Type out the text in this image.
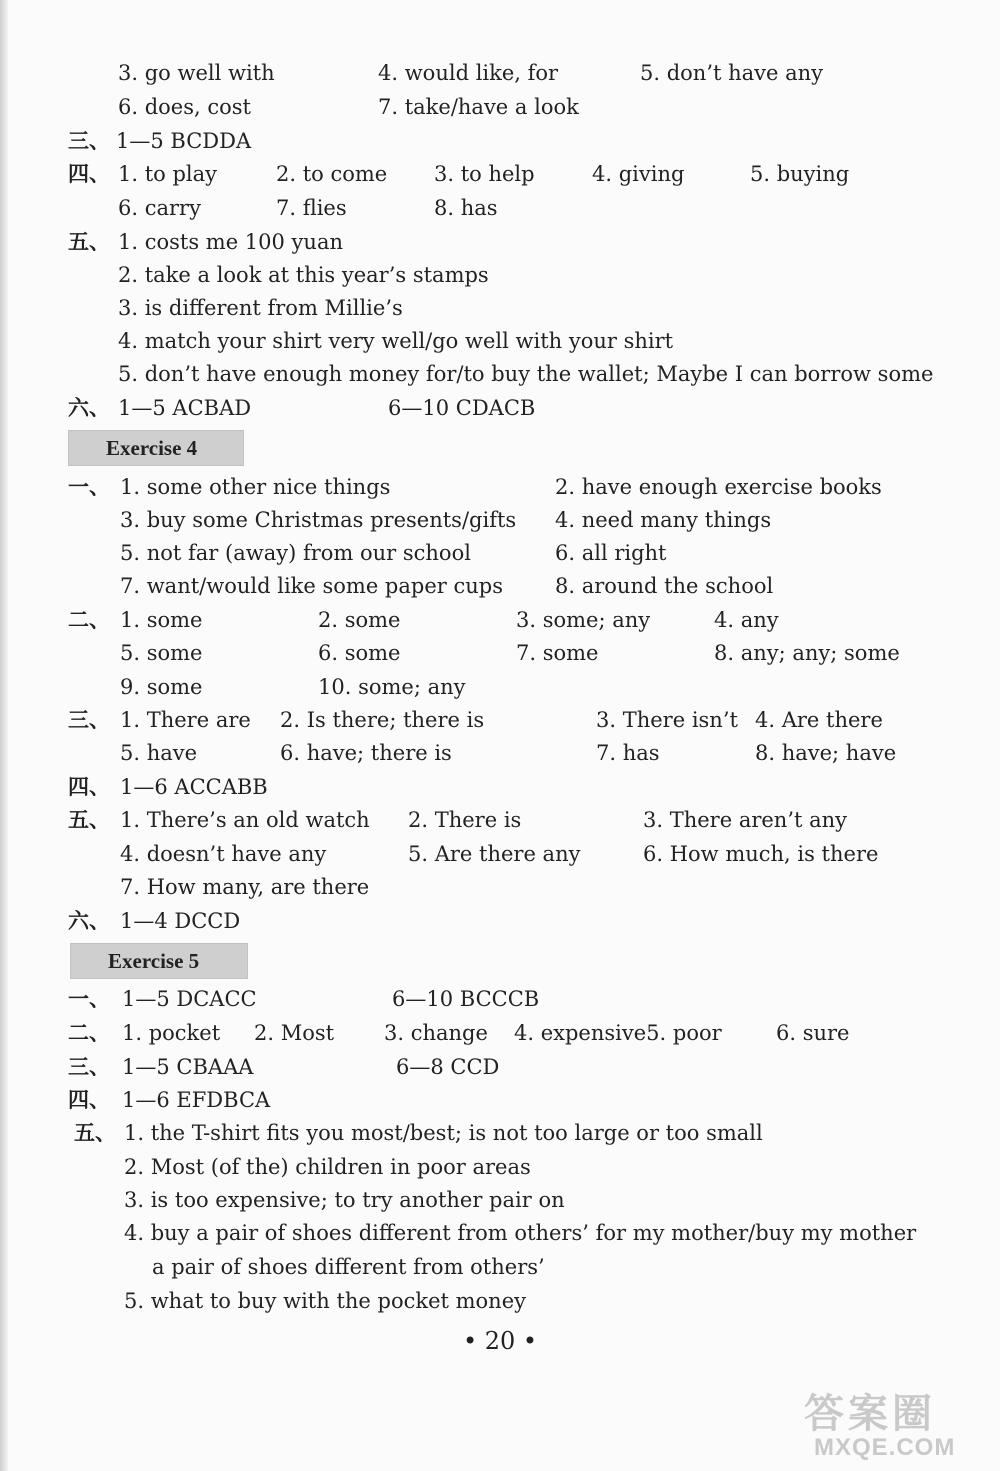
3. go well with	4. would like, for	5. don’t have any
6. does, cost	7. take/have a look
三、 1—5 BCDDA
四、 1. to play	2. to come 3. to help	4. giving	5. buying
6. carry	7. flies	8. has
五、 1. costs me 100 yuan
2. take a look at this year’s stamps
3. is different from Millie’s
4. match your shirt very well/go well with your shirt
5. don’t have enough money for/to buy the wallet; Maybe I can borrow some
六、 1—5 ACBAD	6—10 CDACB
Exercise 4
一、 1. some other nice things	2. have enough exercise books
3. buy some Christmas presents/gifts 4. need many things
5. not far (away) from our school	6. all right
7. want/would like some paper cups 8. around the school
二、 1. some	2. some	3. some; any	4. any
5. some	6. some	7. some	8. any; any; some
9. some	10. some; any
三、 1. There are 2. Is there; there is	3. There isn’t 4. Are there
5. have	6. have; there is	7. has	8. have; have
四、 1—6 ACCABB
五、 1. There’s an old watch 2. There is	3. There aren’t any
4. doesn’t have any	5. Are there any	6. How much, is there
7. How many, are there
六、 1—4 DCCD
Exercise 5
一、 1—5 DCACC	6—10 BCCCB
二、 1. pocket 2. Most 3. change 4. expensive5. poor	6. sure
三、 1—5 CBAAA	6—8 CCD
四、 1—6 EFDBCA
五、 1. the T-shirt fits you most/best; is not too large or too small
2. Most (of the) children in poor areas
3. is too expensive; to try another pair on
4. buy a pair of shoes different from others’ for my mother/buy my mother
a pair of shoes different from others’
5. what to buy with the pocket money
• 20 •
答案圈
MXQE.COM
